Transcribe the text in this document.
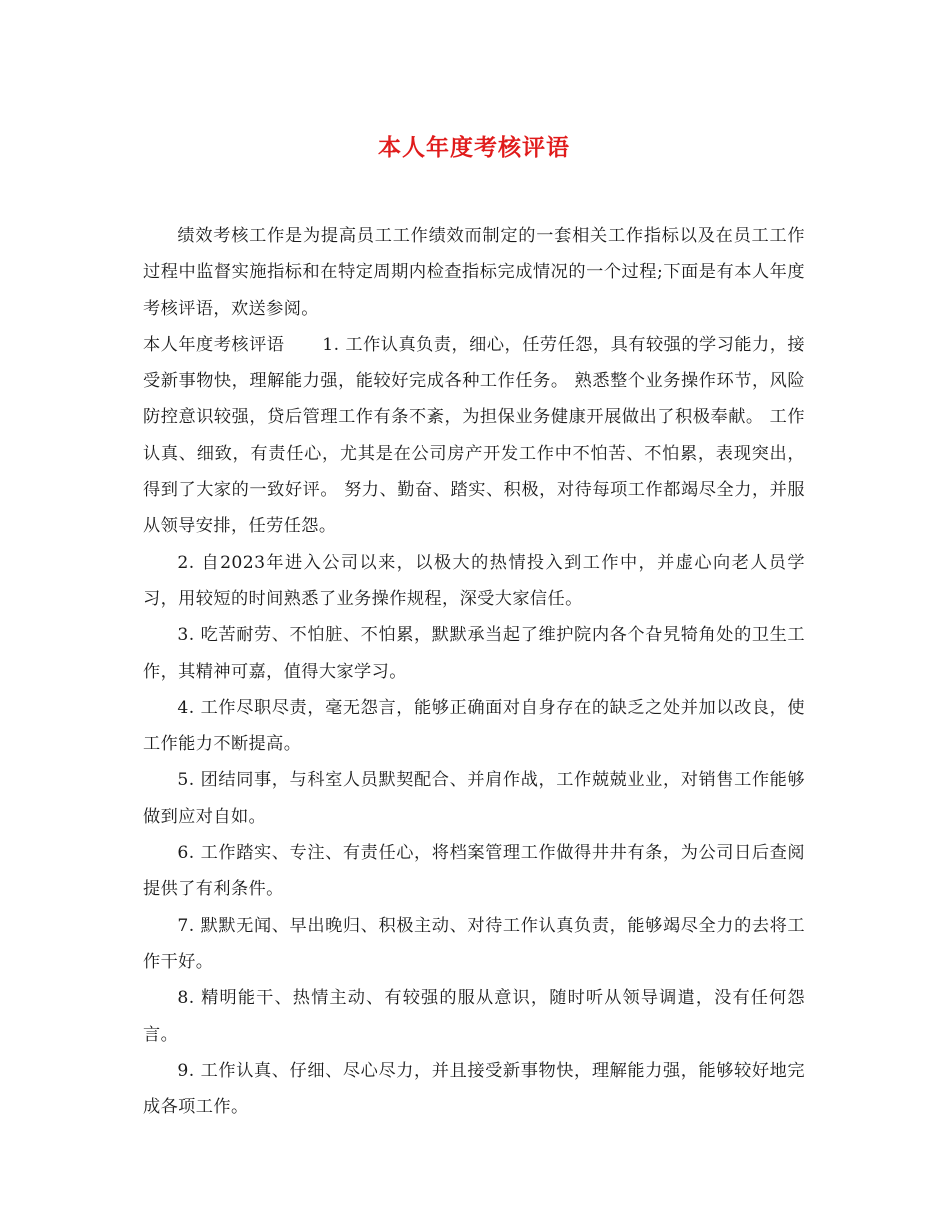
本人年度考核评语

绩效考核工作是为提高员工工作绩效而制定的一套相关工作指标以及在员工工作过程中监督实施指标和在特定周期内检查指标完成情况的一个过程;下面是有本人年度考核评语，欢送参阅。

本人年度考核评语 1. 工作认真负责，细心，任劳任怨，具有较强的学习能力，接受新事物快，理解能力强，能较好完成各种工作任务。 熟悉整个业务操作环节，风险防控意识较强，贷后管理工作有条不紊，为担保业务健康开展做出了积极奉献。 工作认真、细致，有责任心，尤其是在公司房产开发工作中不怕苦、不怕累，表现突出，得到了大家的一致好评。 努力、勤奋、踏实、积极，对待每项工作都竭尽全力，并服从领导安排，任劳任怨。

2. 自2023年进入公司以来，以极大的热情投入到工作中，并虚心向老人员学习，用较短的时间熟悉了业务操作规程，深受大家信任。

3. 吃苦耐劳、不怕脏、不怕累，默默承当起了维护院内各个旮旯犄角处的卫生工作，其精神可嘉，值得大家学习。

4. 工作尽职尽责，毫无怨言，能够正确面对自身存在的缺乏之处并加以改良，使工作能力不断提高。

5. 团结同事，与科室人员默契配合、并肩作战，工作兢兢业业，对销售工作能够做到应对自如。

6. 工作踏实、专注、有责任心，将档案管理工作做得井井有条，为公司日后查阅提供了有利条件。

7. 默默无闻、早出晚归、积极主动、对待工作认真负责，能够竭尽全力的去将工作干好。

8. 精明能干、热情主动、有较强的服从意识，随时听从领导调遣，没有任何怨言。

9. 工作认真、仔细、尽心尽力，并且接受新事物快，理解能力强，能够较好地完成各项工作。
